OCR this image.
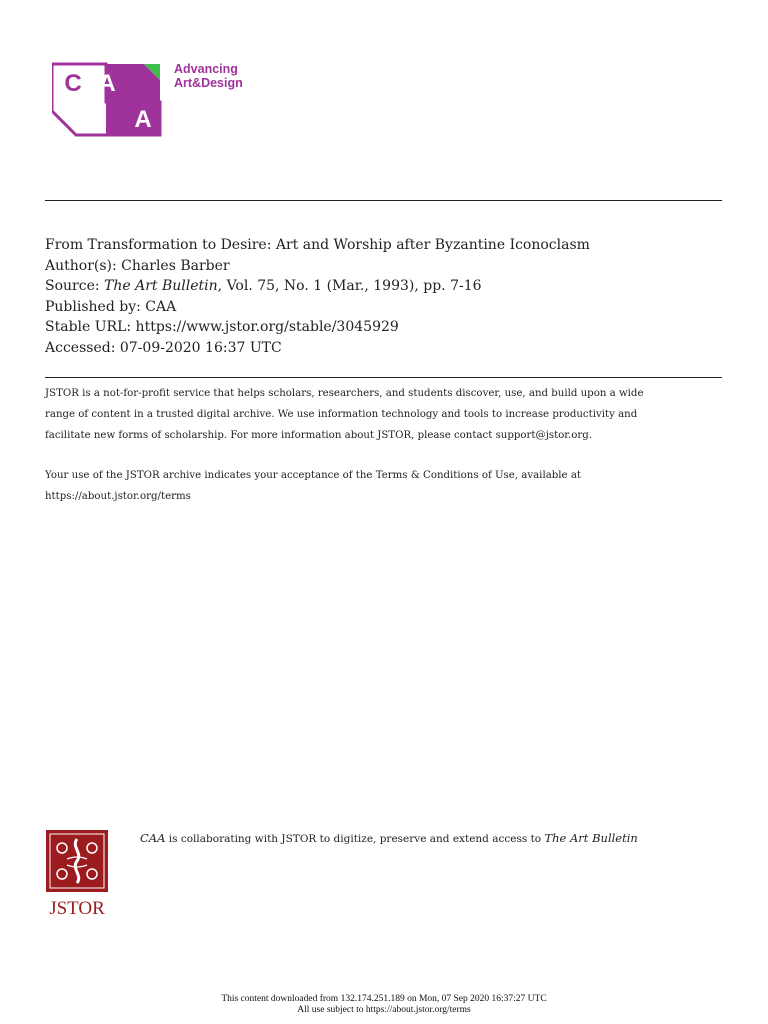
C A
A
Advancing
Art&Design
From Transformation to Desire: Art and Worship after Byzantine Iconoclasm
Author(s): Charles Barber
Source: The Art Bulletin, Vol. 75, No. 1 (Mar., 1993), pp. 7-16
Published by: CAA
Stable URL: https://www.jstor.org/stable/3045929
Accessed: 07-09-2020 16:37 UTC
JSTOR is a not-for-profit service that helps scholars, researchers, and students discover, use, and build upon a wide
range of content in a trusted digital archive. We use information technology and tools to increase productivity and
facilitate new forms of scholarship. For more information about JSTOR, please contact support@jstor.org.
Your use of the JSTOR archive indicates your acceptance of the Terms & Conditions of Use, available at
https://about.jstor.org/terms
JSTOR
CAA is collaborating with JSTOR to digitize, preserve and extend access to The Art Bulletin
This content downloaded from 132.174.251.189 on Mon, 07 Sep 2020 16:37:27 UTC
All use subject to https://about.jstor.org/terms
